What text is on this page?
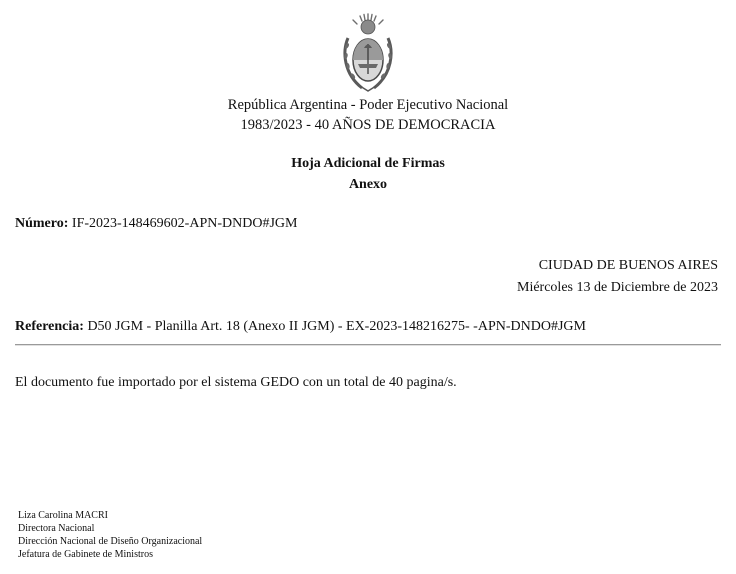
República Argentina - Poder Ejecutivo Nacional
1983/2023 - 40 AÑOS DE DEMOCRACIA
Hoja Adicional de Firmas
Anexo
Número: IF-2023-148469602-APN-DNDO#JGM
CIUDAD DE BUENOS AIRES
Miércoles 13 de Diciembre de 2023
Referencia: D50 JGM - Planilla Art. 18 (Anexo II JGM) - EX-2023-148216275- -APN-DNDO#JGM
El documento fue importado por el sistema GEDO con un total de 40 pagina/s.
Liza Carolina MACRI
Directora Nacional
Dirección Nacional de Diseño Organizacional
Jefatura de Gabinete de Ministros
